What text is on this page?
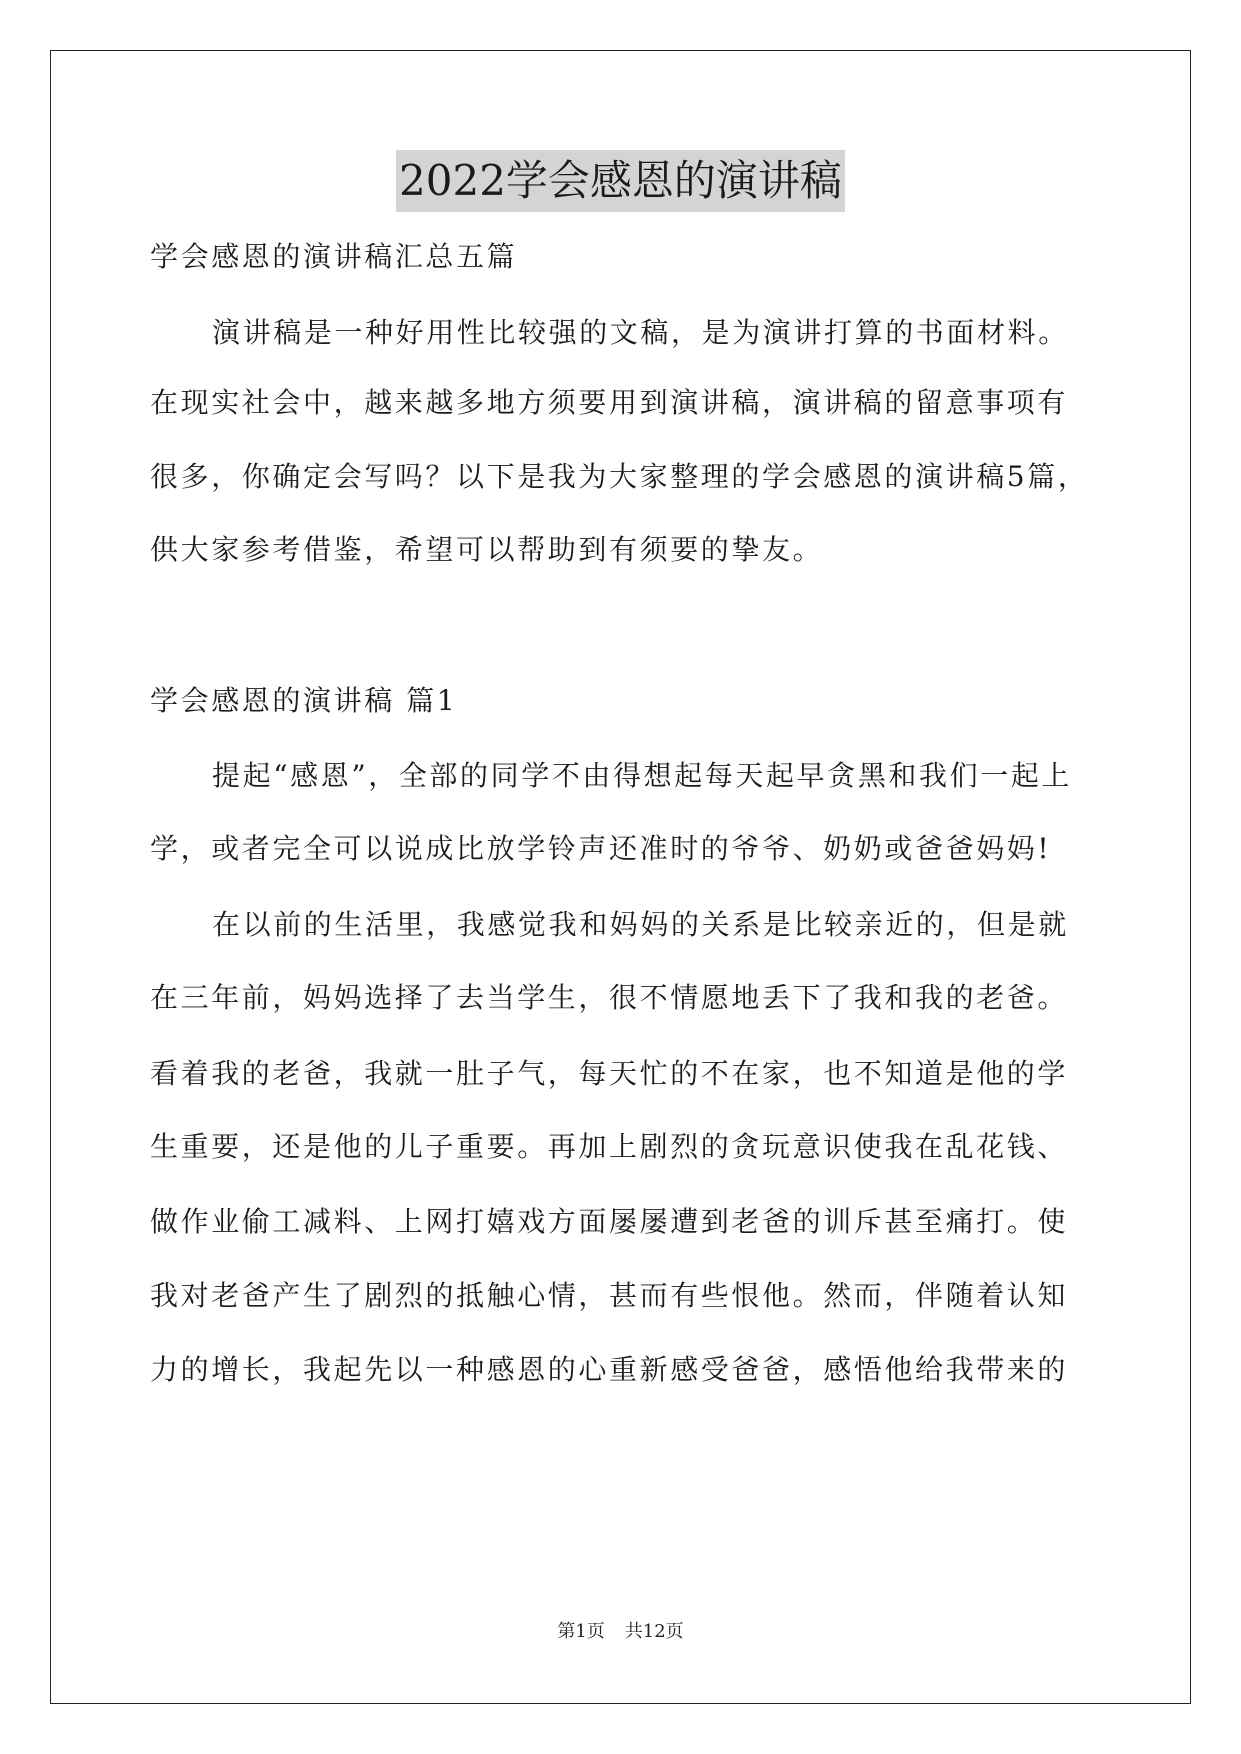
2022学会感恩的演讲稿
学会感恩的演讲稿汇总五篇
演讲稿是一种好用性比较强的文稿，是为演讲打算的书面材料。
在现实社会中，越来越多地方须要用到演讲稿，演讲稿的留意事项有
很多，你确定会写吗？以下是我为大家整理的学会感恩的演讲稿5篇，
供大家参考借鉴，希望可以帮助到有须要的挚友。
学会感恩的演讲稿 篇1
提起“感恩”，全部的同学不由得想起每天起早贪黑和我们一起上
学，或者完全可以说成比放学铃声还准时的爷爷、奶奶或爸爸妈妈!
在以前的生活里，我感觉我和妈妈的关系是比较亲近的，但是就
在三年前，妈妈选择了去当学生，很不情愿地丢下了我和我的老爸。
看着我的老爸，我就一肚子气，每天忙的不在家，也不知道是他的学
生重要，还是他的儿子重要。再加上剧烈的贪玩意识使我在乱花钱、
做作业偷工减料、上网打嬉戏方面屡屡遭到老爸的训斥甚至痛打。使
我对老爸产生了剧烈的抵触心情，甚而有些恨他。然而，伴随着认知
力的增长，我起先以一种感恩的心重新感受爸爸，感悟他给我带来的
第1页 共12页
